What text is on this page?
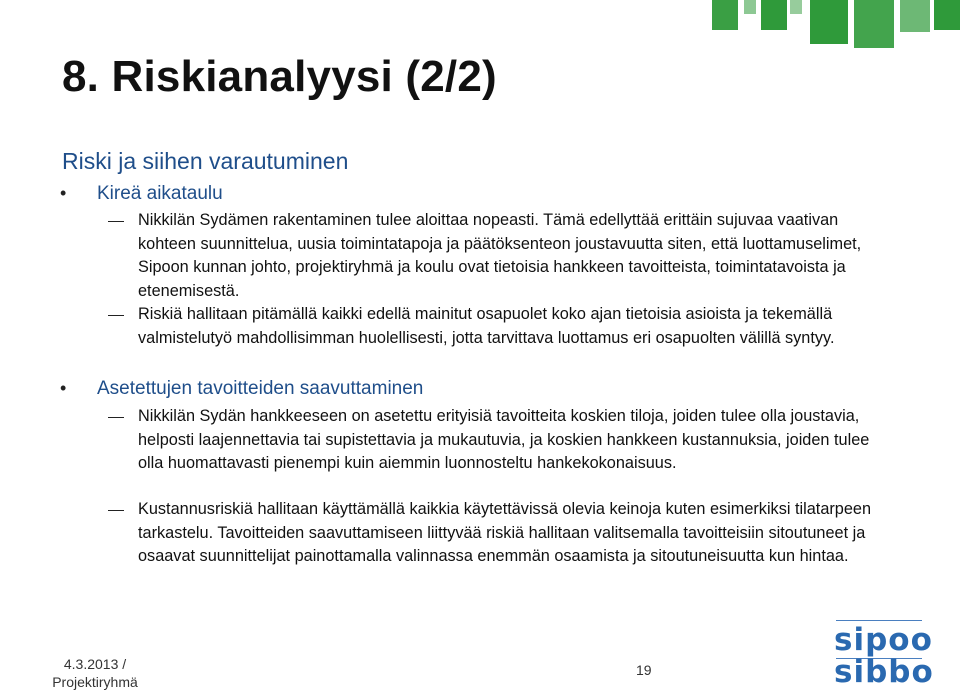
8. Riskianalyysi (2/2)
Riski ja siihen varautuminen
• Kireä aikataulu

Nikkilän Sydämen rakentaminen tulee aloittaa nopeasti. Tämä edellyttää erittäin sujuvaa vaativan kohteen suunnittelua, uusia toimintatapoja ja päätöksenteon joustavuutta siten, että luottamuselimet, Sipoon kunnan johto, projektiryhmä ja koulu ovat tietoisia hankkeen tavoitteista, toimintatavoista ja etenemisestä.

Riskiä hallitaan pitämällä kaikki edellä mainitut osapuolet koko ajan tietoisia asioista ja tekemällä valmistelutyö mahdollisimman huolellisesti, jotta tarvittava luottamus eri osapuolten välillä syntyy.

• Asetettujen tavoitteiden saavuttaminen

Nikkilän Sydän hankkeeseen on asetettu erityisiä tavoitteita koskien tiloja, joiden tulee olla joustavia, helposti laajennettavia tai supistettavia ja mukautuvia, ja koskien hankkeen kustannuksia, joiden tulee olla huomattavasti pienempi kuin aiemmin luonnosteltu hankekokonaisuus.

Kustannusriskiä hallitaan käyttämällä kaikkia käytettävissä olevia keinoja kuten esimerkiksi tilatarpeen tarkastelu. Tavoitteiden saavuttamiseen liittyvää riskiä hallitaan valitsemalla tavoitteisiin sitoutuneet ja osaavat suunnittelijat painottamalla valinnassa enemmän osaamista ja sitoutuneisuutta kun hintaa.

4.3.2013 /
Projektiryhmä
19
sipoo
sibbo
